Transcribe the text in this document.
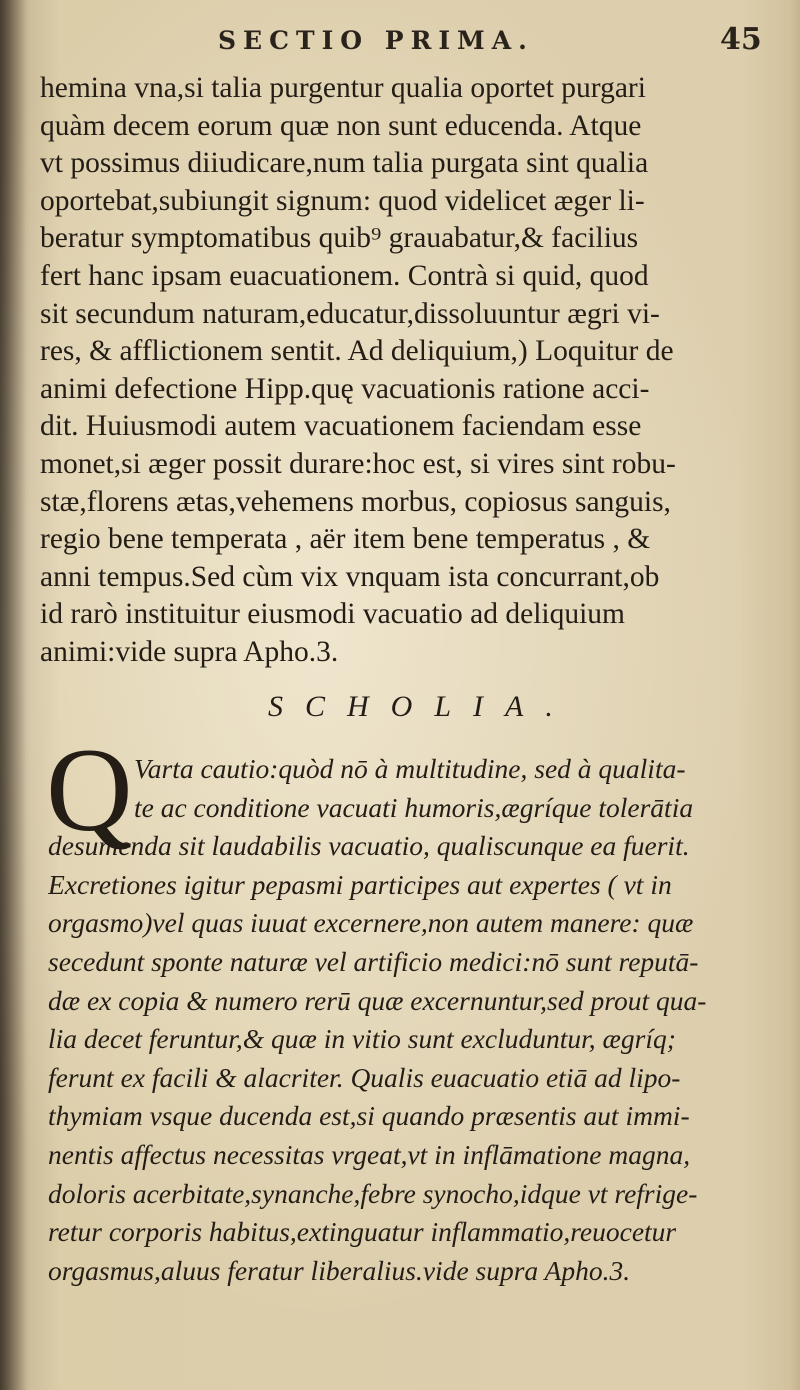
SECTIO PRIMA.	45
hemina vna,si talia purgentur qualia oportet purgari
quàm decem eorum quæ non sunt educenda. Atque
vt possimus diiudicare,num talia purgata sint qualia
oportebat,subiungit signum: quod videlicet æger li-
beratur symptomatibus quib⁹ grauabatur,& facilius
fert hanc ipsam euacuationem. Contrà si quid, quod
sit secundum naturam,educatur,dissoluuntur ægri vi-
res, & afflictionem sentit. Ad deliquium,) Loquitur de
animi defectione Hipp.quę vacuationis ratione acci-
dit. Huiusmodi autem vacuationem faciendam esse
monet,si æger possit durare:hoc est, si vires sint robu-
stæ,florens ætas,vehemens morbus, copiosus sanguis,
regio bene temperata , aër item bene temperatus , &
anni tempus.Sed cùm vix vnquam ista concurrant,ob
id rarò instituitur eiusmodi vacuatio ad deliquium
animi:vide supra Apho.3.
SCHOLIA.
Q Varta cautio:quòd nō à multitudine, sed à qualita-
te ac conditione vacuati humoris,ægríque tolerātia
desumenda sit laudabilis vacuatio, qualiscunque ea fuerit.
Excretiones igitur pepasmi participes aut expertes ( vt in
orgasmo)vel quas iuuat excernere,non autem manere: quæ
secedunt sponte naturæ vel artificio medici:nō sunt reputā-
dæ ex copia & numero rerū quæ excernuntur,sed prout qua-
lia decet feruntur,& quæ in vitio sunt excluduntur, ægríq;
ferunt ex facili & alacriter. Qualis euacuatio etiā ad lipo-
thymiam vsque ducenda est,si quando præsentis aut immi-
nentis affectus necessitas vrgeat,vt in inflāmatione magna,
doloris acerbitate,synanche,febre synocho,idque vt refrige-
retur corporis habitus,extinguatur inflammatio,reuocetur
orgasmus,aluus feratur liberalius.vide supra Apho.3.
